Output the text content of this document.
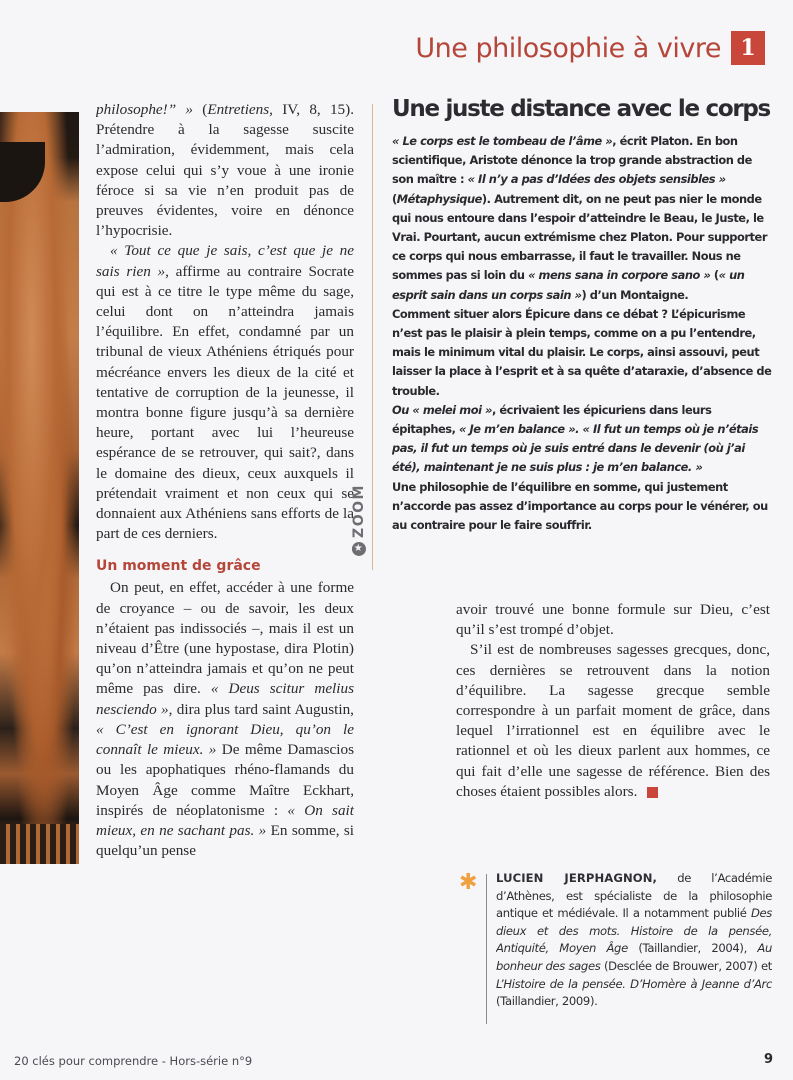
Une philosophie à vivre 1

philosophe!” » (Entretiens, IV, 8, 15). Prétendre à la sagesse suscite l’admiration, évidemment, mais cela expose celui qui s’y voue à une ironie féroce si sa vie n’en produit pas de preuves évidentes, voire en dénonce l’hypocrisie.

« Tout ce que je sais, c’est que je ne sais rien », affirme au contraire Socrate qui est à ce titre le type même du sage, celui dont on n’atteindra jamais l’équilibre. En effet, condamné par un tribunal de vieux Athéniens étriqués pour mécréance envers les dieux de la cité et tentative de corruption de la jeunesse, il montra bonne figure jusqu’à sa dernière heure, portant avec lui l’heureuse espérance de se retrouver, qui sait?, dans le domaine des dieux, ceux auxquels il prétendait vraiment et non ceux qui se donnaient aux Athéniens sans efforts de la part de ces derniers.

Un moment de grâce

On peut, en effet, accéder à une forme de croyance – ou de savoir, les deux n’étaient pas indissociés –, mais il est un niveau d’Être (une hypostase, dira Plotin) qu’on n’atteindra jamais et qu’on ne peut même pas dire. « Deus scitur melius nesciendo », dira plus tard saint Augustin, « C’est en ignorant Dieu, qu’on le connaît le mieux. » De même Damascios ou les apophatiques rhéno-flamands du Moyen Âge comme Maître Eckhart, inspirés de néoplatonisme : « On sait mieux, en ne sachant pas. » En somme, si quelqu’un pense

★
ZOOM
Une juste distance avec le corps

« Le corps est le tombeau de l’âme », écrit Platon. En bon scientifique, Aristote dénonce la trop grande abstraction de son maître : « Il n’y a pas d’Idées des objets sensibles » (Métaphysique). Autrement dit, on ne peut pas nier le monde qui nous entoure dans l’espoir d’atteindre le Beau, le Juste, le Vrai. Pourtant, aucun extrémisme chez Platon. Pour supporter ce corps qui nous embarrasse, il faut le travailler. Nous ne sommes pas si loin du « mens sana in corpore sano » (« un esprit sain dans un corps sain ») d’un Montaigne.

Comment situer alors Épicure dans ce débat ? L’épicurisme n’est pas le plaisir à plein temps, comme on a pu l’entendre, mais le minimum vital du plaisir. Le corps, ainsi assouvi, peut laisser la place à l’esprit et à sa quête d’ataraxie, d’absence de trouble.

Ou « melei moi », écrivaient les épicuriens dans leurs épitaphes, « Je m’en balance ». « Il fut un temps où je n’étais pas, il fut un temps où je suis entré dans le devenir (où j’ai été), maintenant je ne suis plus : je m’en balance. »

Une philosophie de l’équilibre en somme, qui justement n’accorde pas assez d’importance au corps pour le vénérer, ou au contraire pour le faire souffrir.

avoir trouvé une bonne formule sur Dieu, c’est qu’il s’est trompé d’objet.

S’il est de nombreuses sagesses grecques, donc, ces dernières se retrouvent dans la notion d’équilibre. La sagesse grecque semble correspondre à un parfait moment de grâce, dans lequel l’irrationnel est en équilibre avec le rationnel et où les dieux parlent aux hommes, ce qui fait d’elle une sagesse de référence. Bien des choses étaient possibles alors.

✱ LUCIEN JERPHAGNON, de l’Académie d’Athènes, est spécialiste de la philosophie antique et médiévale. Il a notamment publié Des dieux et des mots. Histoire de la pensée, Antiquité, Moyen Âge (Taillandier, 2004), Au bonheur des sages (Desclée de Brouwer, 2007) et L’Histoire de la pensée. D’Homère à Jeanne d’Arc (Taillandier, 2009).

20 clés pour comprendre - Hors-série n°9	9
